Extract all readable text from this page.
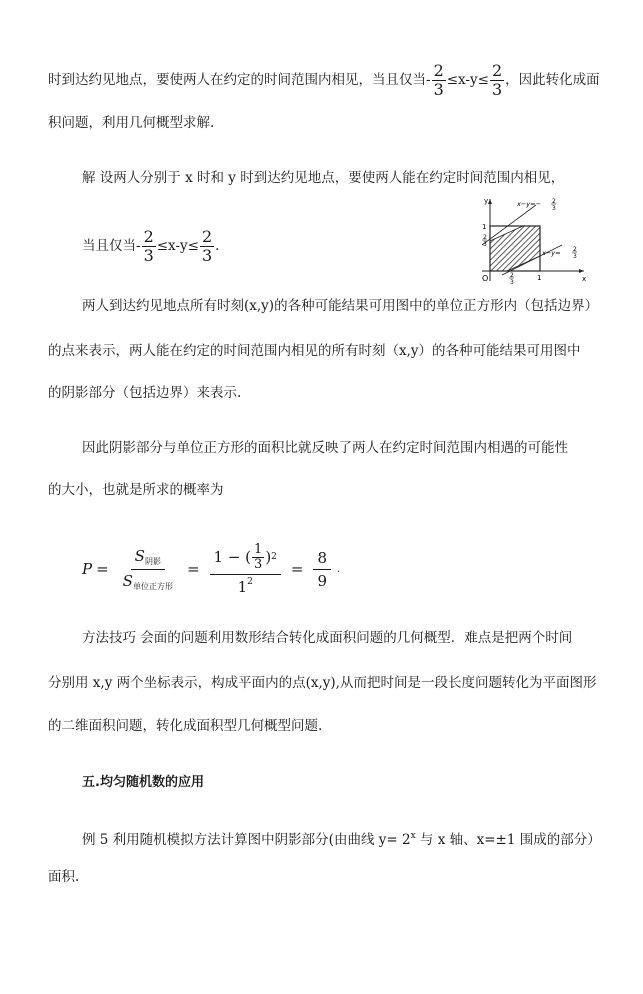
时到达约见地点，要使两人在约定的时间范围内相见，当且仅当- $\frac{2}{3} \le x-y\le \frac{2}{3}$ ，因此转化成面
积问题，利用几何概型求解.
解 设两人分别于 x 时和 y 时到达约见地点，要使两人能在约定时间范围内相见，
当且仅当- $\frac{2}{3} \le x-y\le \frac{2}{3}$ .
x
y
O
1
2
3
1
2
3
x−y=− 2
3
x−y= 2
3
两人到达约见地点所有时刻(x,y)的各种可能结果可用图中的单位正方形内（包括边界）
的点来表示，两人能在约定的时间范围内相见的所有时刻（x,y）的各种可能结果可用图中
的阴影部分（包括边界）来表示.
因此阴影部分与单位正方形的面积比就反映了两人在约定时间范围内相遇的可能性
的大小，也就是所求的概率为
P =
$S_{阴影}$
$S_{单位正方形}$
= $\frac{1 - ( \frac{1}{3} ) 2}{1^2} = \frac{8}{9}$ .
方法技巧 会面的问题利用数形结合转化成面积问题的几何概型．难点是把两个时间
分别用 x,y 两个坐标表示，构成平面内的点(x,y),从而把时间是一段长度问题转化为平面图形
的二维面积问题，转化成面积型几何概型问题.
五.均匀随机数的应用
例 5 利用随机模拟方法计算图中阴影部分(由曲线 $y= 2^x$ 与 x 轴、x=±1 围成的部分）
面积.
